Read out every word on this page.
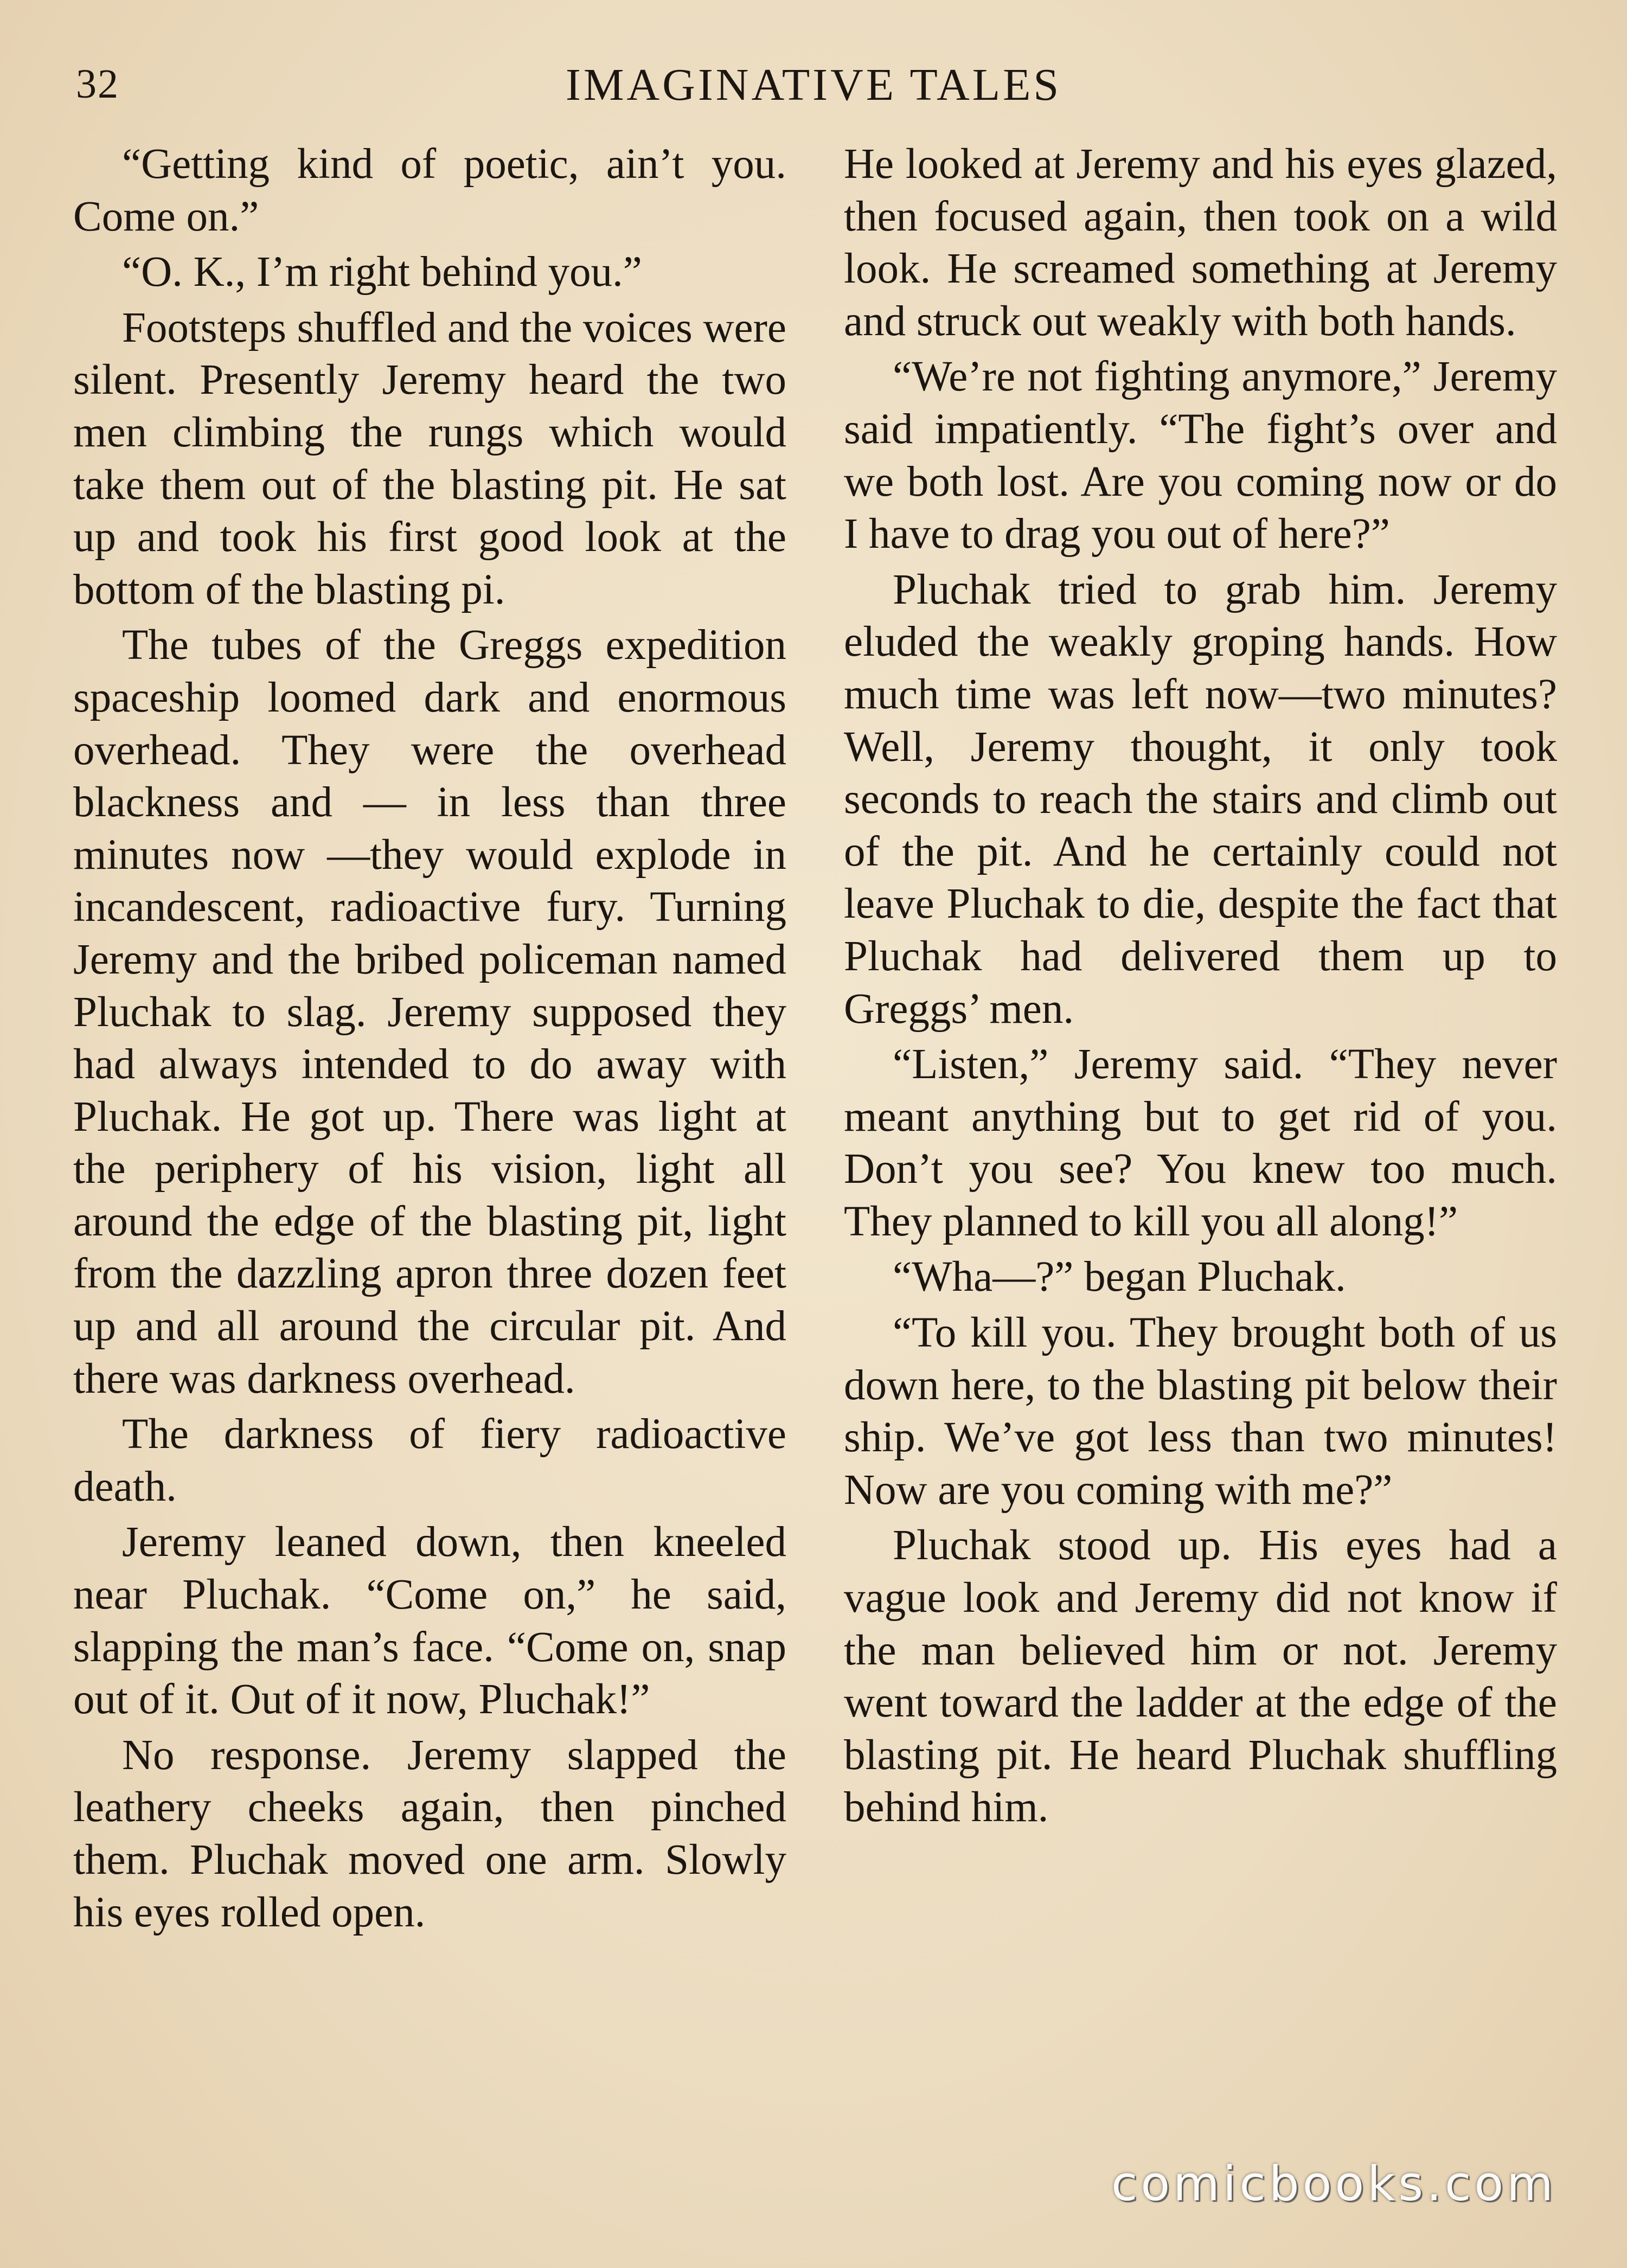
32	IMAGINATIVE TALES

“Getting kind of poetic, ain’t you. Come on.”

“O. K., I’m right behind you.”

Footsteps shuffled and the voices were silent. Presently Jeremy heard the two men climbing the rungs which would take them out of the blasting pit. He sat up and took his first good look at the bottom of the blasting pi.

The tubes of the Greggs expedition spaceship loomed dark and enormous overhead. They were the overhead blackness and — in less than three minutes now —they would explode in incandescent, radioactive fury. Turning Jeremy and the bribed policeman named Pluchak to slag. Jeremy supposed they had always intended to do away with Pluchak. He got up. There was light at the periphery of his vision, light all around the edge of the blasting pit, light from the dazzling apron three dozen feet up and all around the circular pit. And there was darkness overhead.

The darkness of fiery radioactive death.

Jeremy leaned down, then kneeled near Pluchak. “Come on,” he said, slapping the man’s face. “Come on, snap out of it. Out of it now, Pluchak!”

No response. Jeremy slapped the leathery cheeks again, then pinched them. Pluchak moved one arm. Slowly his eyes rolled open.

He looked at Jeremy and his eyes glazed, then focused again, then took on a wild look. He screamed something at Jeremy and struck out weakly with both hands.

“We’re not fighting anymore,” Jeremy said impatiently. “The fight’s over and we both lost. Are you coming now or do I have to drag you out of here?”

Pluchak tried to grab him. Jeremy eluded the weakly groping hands. How much time was left now—two minutes? Well, Jeremy thought, it only took seconds to reach the stairs and climb out of the pit. And he certainly could not leave Pluchak to die, despite the fact that Pluchak had delivered them up to Greggs’ men.

“Listen,” Jeremy said. “They never meant anything but to get rid of you. Don’t you see? You knew too much. They planned to kill you all along!”

“Wha—?” began Pluchak.

“To kill you. They brought both of us down here, to the blasting pit below their ship. We’ve got less than two minutes! Now are you coming with me?”

Pluchak stood up. His eyes had a vague look and Jeremy did not know if the man believed him or not. Jeremy went toward the ladder at the edge of the blasting pit. He heard Pluchak shuffling behind him.

comicbooks.com
